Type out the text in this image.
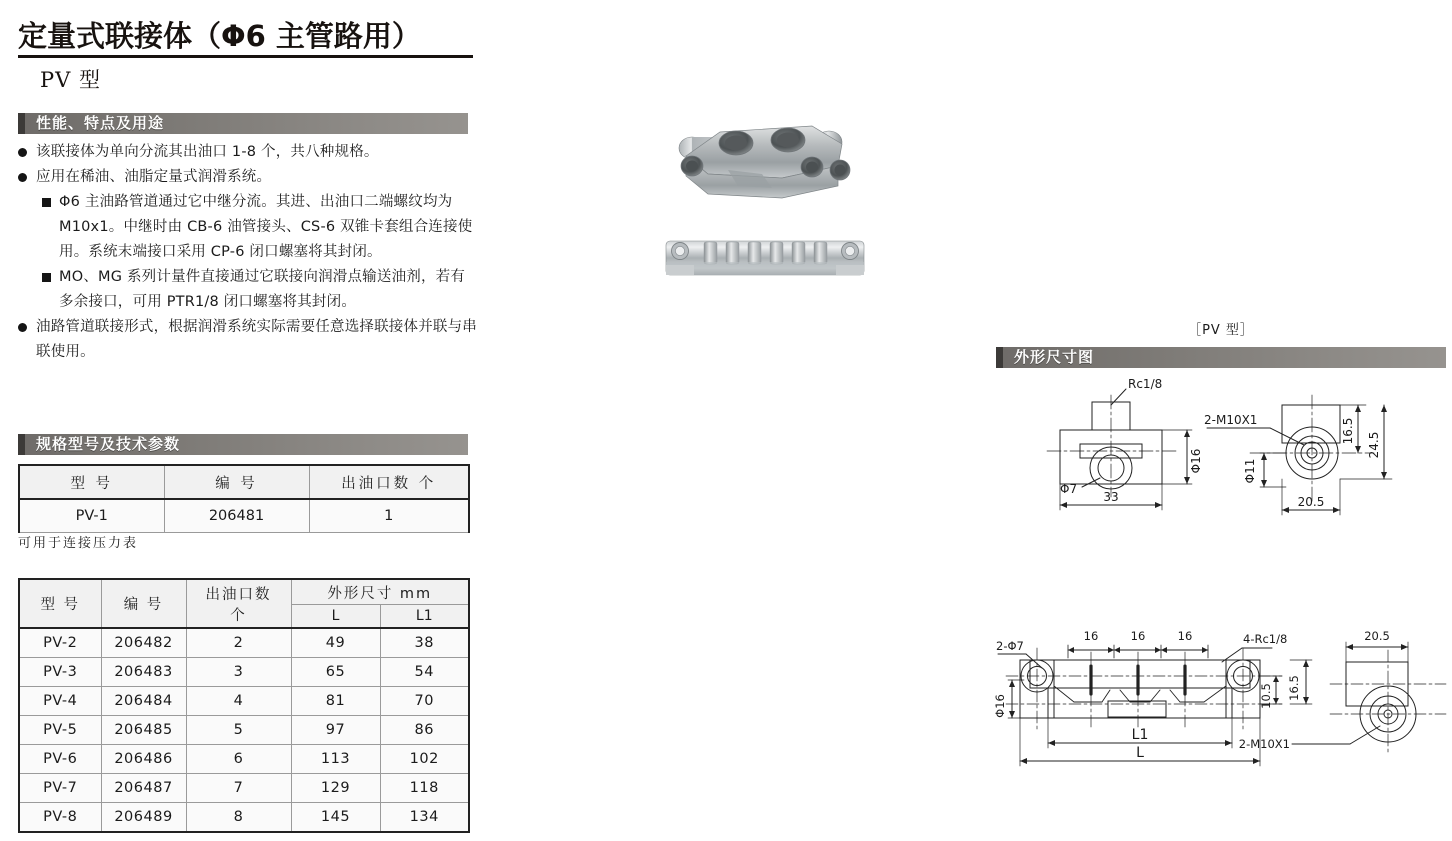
定量式联接体（Φ6 主管路用）
PV 型
性能、特点及用途
该联接体为单向分流其出油口 1-8 个，共八种规格。
应用在稀油、油脂定量式润滑系统。
Φ6 主油路管道通过它中继分流。其进、出油口二端螺纹均为 M10x1。中继时由 CB-6 油管接头、CS-6 双锥卡套组合连接使用。系统末端接口采用 CP-6 闭口螺塞将其封闭。
MO、MG 系列计量件直接通过它联接向润滑点输送油剂，若有多余接口，可用 PTR1/8 闭口螺塞将其封闭。
油路管道联接形式，根据润滑系统实际需要任意选择联接体并联与串联使用。
规格型号及技术参数
型 号	编 号	出油口数 个
PV-1	206481	1
可用于连接压力表
型 号	编 号	出油口数
个	外形尺寸 mm	
			L	L1
PV-2	206482	2	49	38
PV-3	206483	3	65	54
PV-4	206484	4	81	70
PV-5	206485	5	97	86
PV-6	206486	6	113	102
PV-7	206487	7	129	118
PV-8	206489	8	145	134
［PV 型］
外形尺寸图
Rc1/8
Φ16
Φ7
33
2-M10X1
Φ11
16.5
24.5
20.5
2-Φ7
16	16	16	4-Rc1/8
Φ16	10.5 16.5
L1
L
20.5
2-M10X1
